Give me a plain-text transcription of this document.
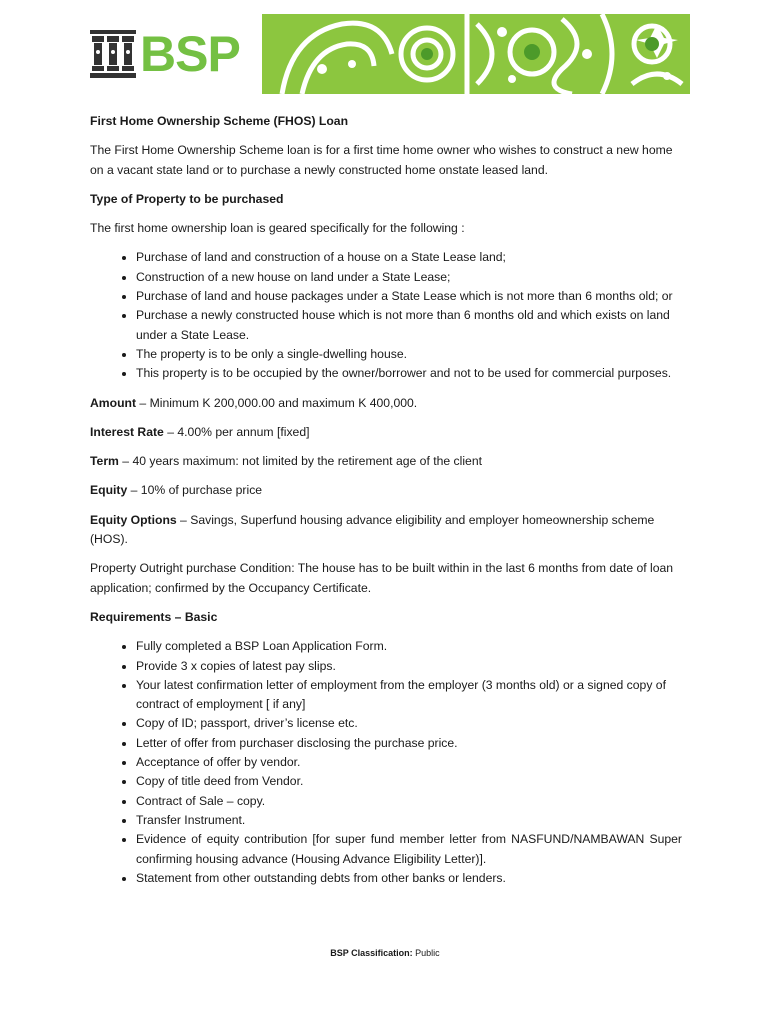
BSP

First Home Ownership Scheme (FHOS) Loan

The First Home Ownership Scheme loan is for a first time home owner who wishes to construct a new home on a vacant state land or to purchase a newly constructed home onstate leased land.

Type of Property to be purchased

The first home ownership loan is geared specifically for the following :

• Purchase of land and construction of a house on a State Lease land;
• Construction of a new house on land under a State Lease;
• Purchase of land and house packages under a State Lease which is not more than 6 months old; or
• Purchase a newly constructed house which is not more than 6 months old and which exists on land under a State Lease.
• The property is to be only a single-dwelling house.
• This property is to be occupied by the owner/borrower and not to be used for commercial purposes.

Amount – Minimum K 200,000.00 and maximum K 400,000.

Interest Rate – 4.00% per annum [fixed]

Term – 40 years maximum: not limited by the retirement age of the client

Equity – 10% of purchase price

Equity Options – Savings, Superfund housing advance eligibility and employer homeownership scheme (HOS).

Property Outright purchase Condition: The house has to be built within in the last 6 months from date of loan application; confirmed by the Occupancy Certificate.

Requirements – Basic

• Fully completed a BSP Loan Application Form.
• Provide 3 x copies of latest pay slips.
• Your latest confirmation letter of employment from the employer (3 months old) or a signed copy of contract of employment [ if any]
• Copy of ID; passport, driver’s license etc.
• Letter of offer from purchaser disclosing the purchase price.
• Acceptance of offer by vendor.
• Copy of title deed from Vendor.
• Contract of Sale – copy.
• Transfer Instrument.
• Evidence of equity contribution [for super fund member letter from NASFUND/NAMBAWAN Super confirming housing advance (Housing Advance Eligibility Letter)].
• Statement from other outstanding debts from other banks or lenders.
BSP Classification: Public
